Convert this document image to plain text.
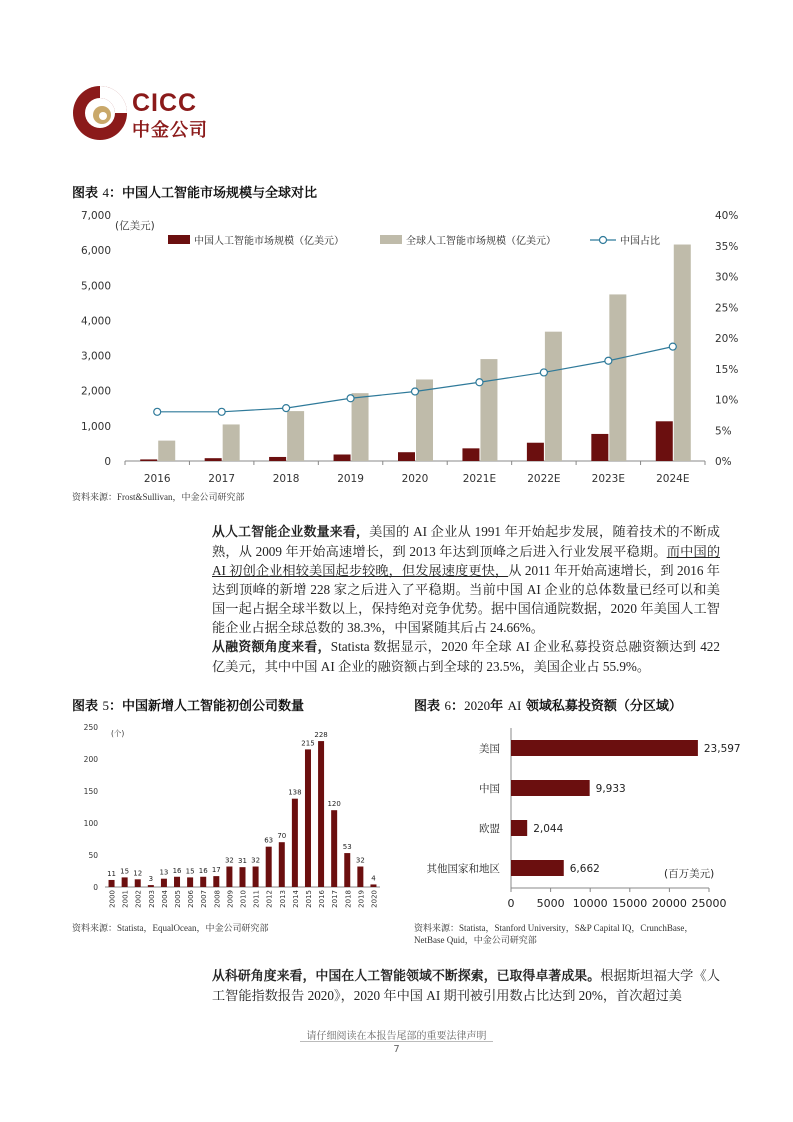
CICC
中金公司
图表 4：中国人工智能市场规模与全球对比
0
1,000
2,000
3,000
4,000
5,000
6,000
7,000
0%
5%
10%
15%
20%
25%
30%
35%
40%
(亿美元)
2016	2017	2018	2019	2020	2021E	2022E	2023E	2024E
中国人工智能市场规模（亿美元）	全球人工智能市场规模（亿美元）	中国占比
资料来源：Frost&Sullivan，中金公司研究部
从人工智能企业数量来看，美国的 AI 企业从 1991 年开始起步发展，随着技术的不断成熟，从 2009 年开始高速增长，到 2013 年达到顶峰之后进入行业发展平稳期。而中国的 AI 初创企业相较美国起步较晚，但发展速度更快，从 2011 年开始高速增长，到 2016 年达到顶峰的新增 228 家之后进入了平稳期。当前中国 AI 企业的总体数量已经可以和美国一起占据全球半数以上，保持绝对竞争优势。据中国信通院数据，2020 年美国人工智能企业占据全球总数的 38.3%，中国紧随其后占 24.66%。
从融资额角度来看，Statista 数据显示，2020 年全球 AI 企业私募投资总融资额达到 422 亿美元，其中中国 AI 企业的融资额占到全球的 23.5%，美国企业占 55.9%。
图表 5：中国新增人工智能初创公司数量	图表 6：2020年 AI 领域私募投资额（分区域）
0
50
100
150
200
250
(个)
11
2000
15
2001
12
2002
3
2003
13
2004
16
2005
15
2006
16
2007
17
2008
32
2009
31
2010
32
2011
63
2012
70
2013
138
2014
215
2015
228
2016
120
2017
53
2018
32
2019
4
2020
资料来源：Statista，EqualOcean，中金公司研究部
0 5000 10000 15000 20000 25000
美国	23,597
中国	9,933
欧盟	2,044
其他国家和地区	6,662	(百万美元)
资料来源：Statista，Stanford University，S&P Capital IQ，CrunchBase，
NetBase Quid，中金公司研究部
从科研角度来看，中国在人工智能领域不断探索，已取得卓著成果。根据斯坦福大学《人工智能指数报告 2020》，2020 年中国 AI 期刊被引用数占比达到 20%，首次超过美
请仔细阅读在本报告尾部的重要法律声明
7
